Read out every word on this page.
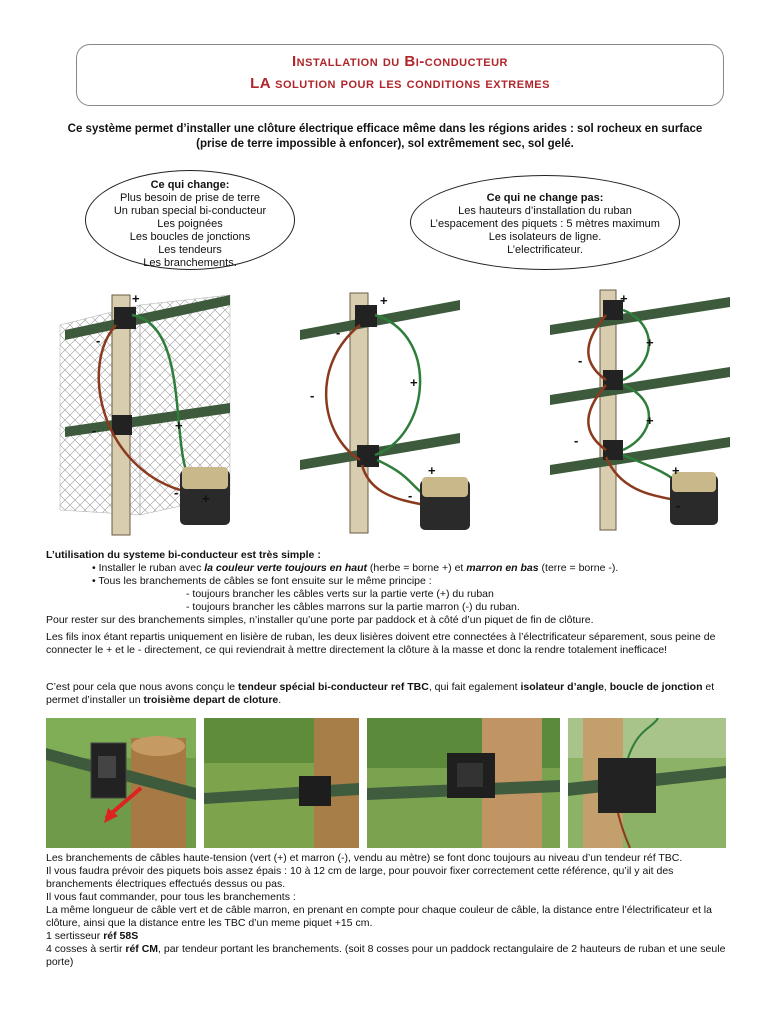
Installation du Bi-conducteur
LA solution pour les conditions extremes
Ce système permet d’installer une clôture électrique efficace même dans les régions arides : sol rocheux en surface (prise de terre impossible à enfoncer), sol extrêmement sec, sol gelé.
Ce qui change:
Plus besoin de prise de terre
Un ruban special bi-conducteur
Les poignées
Les boucles de jonctions
Les tendeurs
Les branchements.
Ce qui ne change pas:
Les hauteurs d’installation du ruban
L’espacement des piquets : 5 mètres maximum
Les isolateurs de ligne.
L’electrificateur.
+
-
-	+
- +
+
-
+
-
+
-
+
+
-
+
-
+
-
L’utilisation du systeme bi-conducteur est très simple :
• Installer le ruban avec la couleur verte toujours en haut (herbe = borne +) et marron en bas (terre = borne -).
• Tous les branchements de câbles se font ensuite sur le même principe :
- toujours brancher les câbles verts sur la partie verte (+) du ruban
- toujours brancher les câbles marrons sur la partie marron (-) du ruban.
Pour rester sur des branchements simples, n’installer qu’une porte par paddock et à côté d’un piquet de fin de clôture.
Les fils inox étant repartis uniquement en lisière de ruban, les deux lisières doivent etre connectées à l’électrificateur séparement, sous peine de connecter le + et le - directement, ce qui reviendrait à mettre directement la clôture à la masse et donc la rendre totalement inefficace!
C’est pour cela que nous avons conçu le tendeur spécial bi-conducteur ref TBC, qui fait egalement isolateur d’angle, boucle de jonction et permet d’installer un troisième depart de cloture.
Les branchements de câbles haute-tension (vert (+) et marron (-), vendu au mètre) se font donc toujours au niveau d’un tendeur réf TBC.
Il vous faudra prévoir des piquets bois assez épais : 10 à 12 cm de large, pour pouvoir fixer correctement cette référence, qu’il y ait des branchements électriques effectués dessus ou pas.
Il vous faut commander, pour tous les branchements :
La même longueur de câble vert et de câble marron, en prenant en compte pour chaque couleur de câble, la distance entre l’électrificateur et la clôture, ainsi que la distance entre les TBC d’un meme piquet +15 cm.
1 sertisseur réf 58S
4 cosses à sertir réf CM, par tendeur portant les branchements. (soit 8 cosses pour un paddock rectangulaire de 2 hauteurs de ruban et une seule porte)
